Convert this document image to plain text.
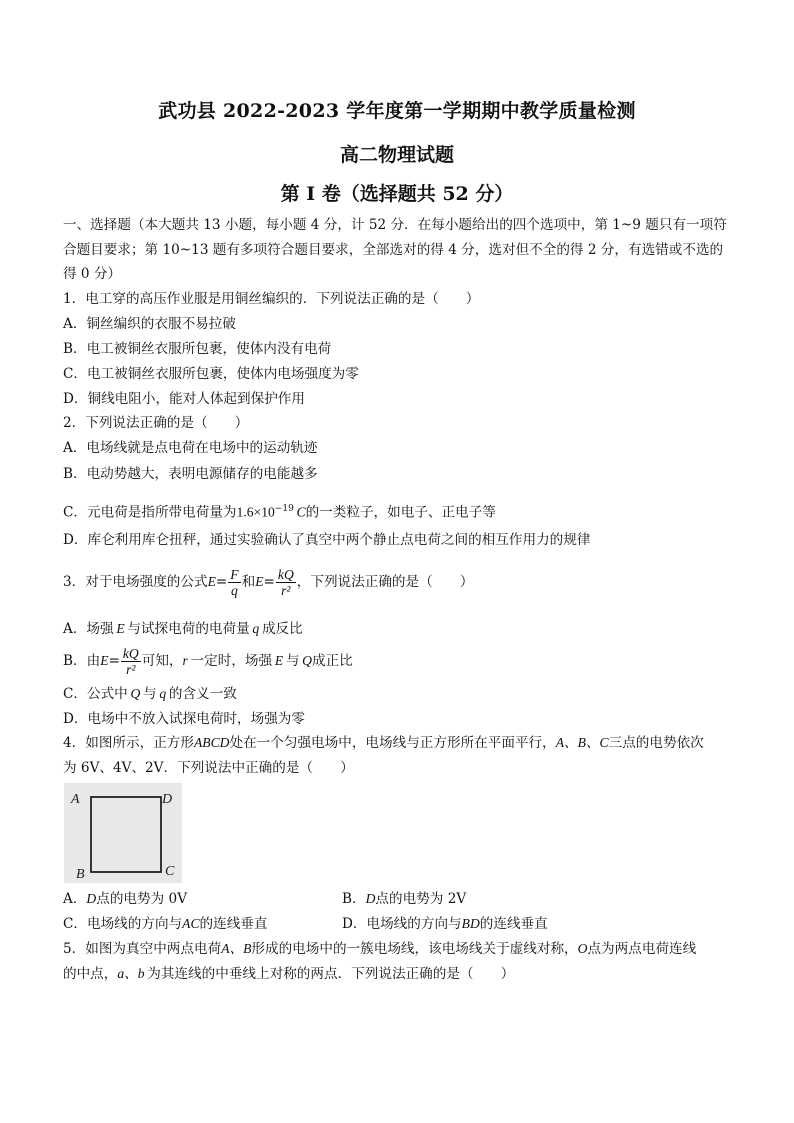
武功县 2022-2023 学年度第一学期期中教学质量检测
高二物理试题
第 I 卷（选择题共 52 分）
一、选择题（本大题共 13 小题，每小题 4 分，计 52 分．在每小题给出的四个选项中，第 1~9 题只有一项符
合题目要求；第 10~13 题有多项符合题目要求，全部选对的得 4 分，选对但不全的得 2 分，有选错或不选的
得 0 分）
1．电工穿的高压作业服是用铜丝编织的．下列说法正确的是（　　）
A．铜丝编织的衣服不易拉破
B．电工被铜丝衣服所包裹，使体内没有电荷
C．电工被铜丝衣服所包裹，使体内电场强度为零
D．铜线电阻小，能对人体起到保护作用
2．下列说法正确的是（　　）
A．电场线就是点电荷在电场中的运动轨迹
B．电动势越大，表明电源储存的电能越多
C．元电荷是指所带电荷量为$1.6\times 10^{-19}$  C的一类粒子，如电子、正电子等
D．库仑利用库仑扭秤，通过实验确认了真空中两个静止点电荷之间的相互作用力的规律
3．对于电场强度的公式$E= \frac{F}{q}$ 和$E= \frac{kQ}{\text{r²}}$ ，下列说法正确的是（　　）
A．场强  E  与试探电荷的电荷量  q  成反比
B．由$E= \frac{kQ}{\text{r²}}$ 可知，r  一定时，场强  E  与  Q成正比
C．公式中  Q  与  q  的含义一致
D．电场中不放入试探电荷时，场强为零
4．如图所示，正方形ABCD处在一个匀强电场中，电场线与正方形所在平面平行，A、B、C三点的电势依次
为 6V、4V、2V．下列说法中正确的是（　　）
A	D
B	C
A．D点的电势为 0V	B．D点的电势为 2V
C．电场线的方向与AC的连线垂直	D．电场线的方向与BD的连线垂直
5．如图为真空中两点电荷A、B形成的电场中的一簇电场线，该电场线关于虚线对称，O点为两点电荷连线
的中点，a、b  为其连线的中垂线上对称的两点．下列说法正确的是（　　）
